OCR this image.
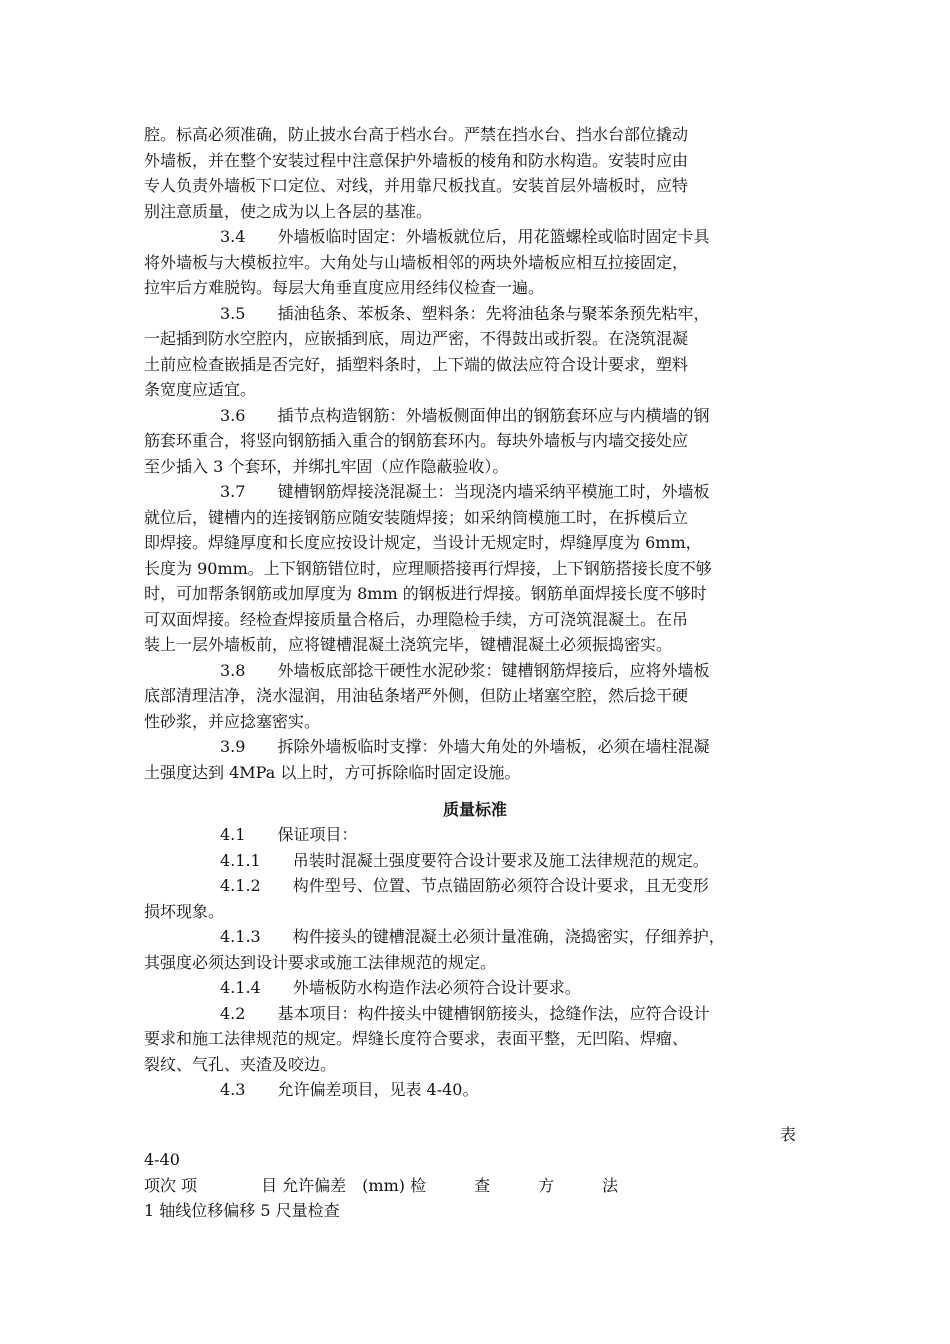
腔。标高必须准确，防止披水台高于档水台。严禁在挡水台、挡水台部位撬动
外墙板，并在整个安装过程中注意保护外墙板的棱角和防水构造。安装时应由
专人负责外墙板下口定位、对线，并用靠尺板找直。安装首层外墙板时，应特
别注意质量，使之成为以上各层的基准。
3.4　　外墙板临时固定：外墙板就位后，用花篮螺栓或临时固定卡具
将外墙板与大模板拉牢。大角处与山墙板相邻的两块外墙板应相互拉接固定，
拉牢后方难脱钩。每层大角垂直度应用经纬仪检查一遍。
3.5　　插油毡条、苯板条、塑料条：先将油毡条与聚苯条预先粘牢，
一起插到防水空腔内，应嵌插到底，周边严密，不得鼓出或折裂。在浇筑混凝
土前应检查嵌插是否完好，插塑料条时，上下端的做法应符合设计要求，塑料
条宽度应适宜。
3.6　　插节点构造钢筋：外墙板侧面伸出的钢筋套环应与内横墙的钢
筋套环重合，将竖向钢筋插入重合的钢筋套环内。每块外墙板与内墙交接处应
至少插入 3 个套环，并绑扎牢固（应作隐蔽验收）。
3.7　　键槽钢筋焊接浇混凝土：当现浇内墙采纳平模施工时，外墙板
就位后，键槽内的连接钢筋应随安装随焊接；如采纳筒模施工时，在拆模后立
即焊接。焊缝厚度和长度应按设计规定，当设计无规定时，焊缝厚度为 6mm，
长度为 90mm。上下钢筋错位时，应理顺搭接再行焊接，上下钢筋搭接长度不够
时，可加帮条钢筋或加厚度为 8mm 的钢板进行焊接。钢筋单面焊接长度不够时
可双面焊接。经检查焊接质量合格后，办理隐检手续，方可浇筑混凝土。在吊
装上一层外墙板前，应将键槽混凝土浇筑完毕，键槽混凝土必须振捣密实。
3.8　　外墙板底部捻干硬性水泥砂浆：键槽钢筋焊接后，应将外墙板
底部清理洁净，浇水湿润，用油毡条堵严外侧，但防止堵塞空腔，然后捻干硬
性砂浆，并应捻塞密实。
3.9　　拆除外墙板临时支撑：外墙大角处的外墙板，必须在墙柱混凝
土强度达到 4MPa 以上时，方可拆除临时固定设施。
质量标准
4.1　　保证项目：
4.1.1　　吊装时混凝土强度要符合设计要求及施工法律规范的规定。
4.1.2　　构件型号、位置、节点锚固筋必须符合设计要求，且无变形
损坏现象。
4.1.3　　构件接头的键槽混凝土必须计量准确，浇捣密实，仔细养护，
其强度必须达到设计要求或施工法律规范的规定。
4.1.4　　外墙板防水构造作法必须符合设计要求。
4.2　　基本项目：构件接头中键槽钢筋接头，捻缝作法，应符合设计
要求和施工法律规范的规定。焊缝长度符合要求，表面平整，无凹陷、焊瘤、
裂纹、气孔、夹渣及咬边。
4.3　　允许偏差项目，见表 4-40。
表
4-40
项次 项　　　　目 允许偏差　(mm) 检　　　查　　　方　　　法
1 轴线位移偏移 5 尺量检查
